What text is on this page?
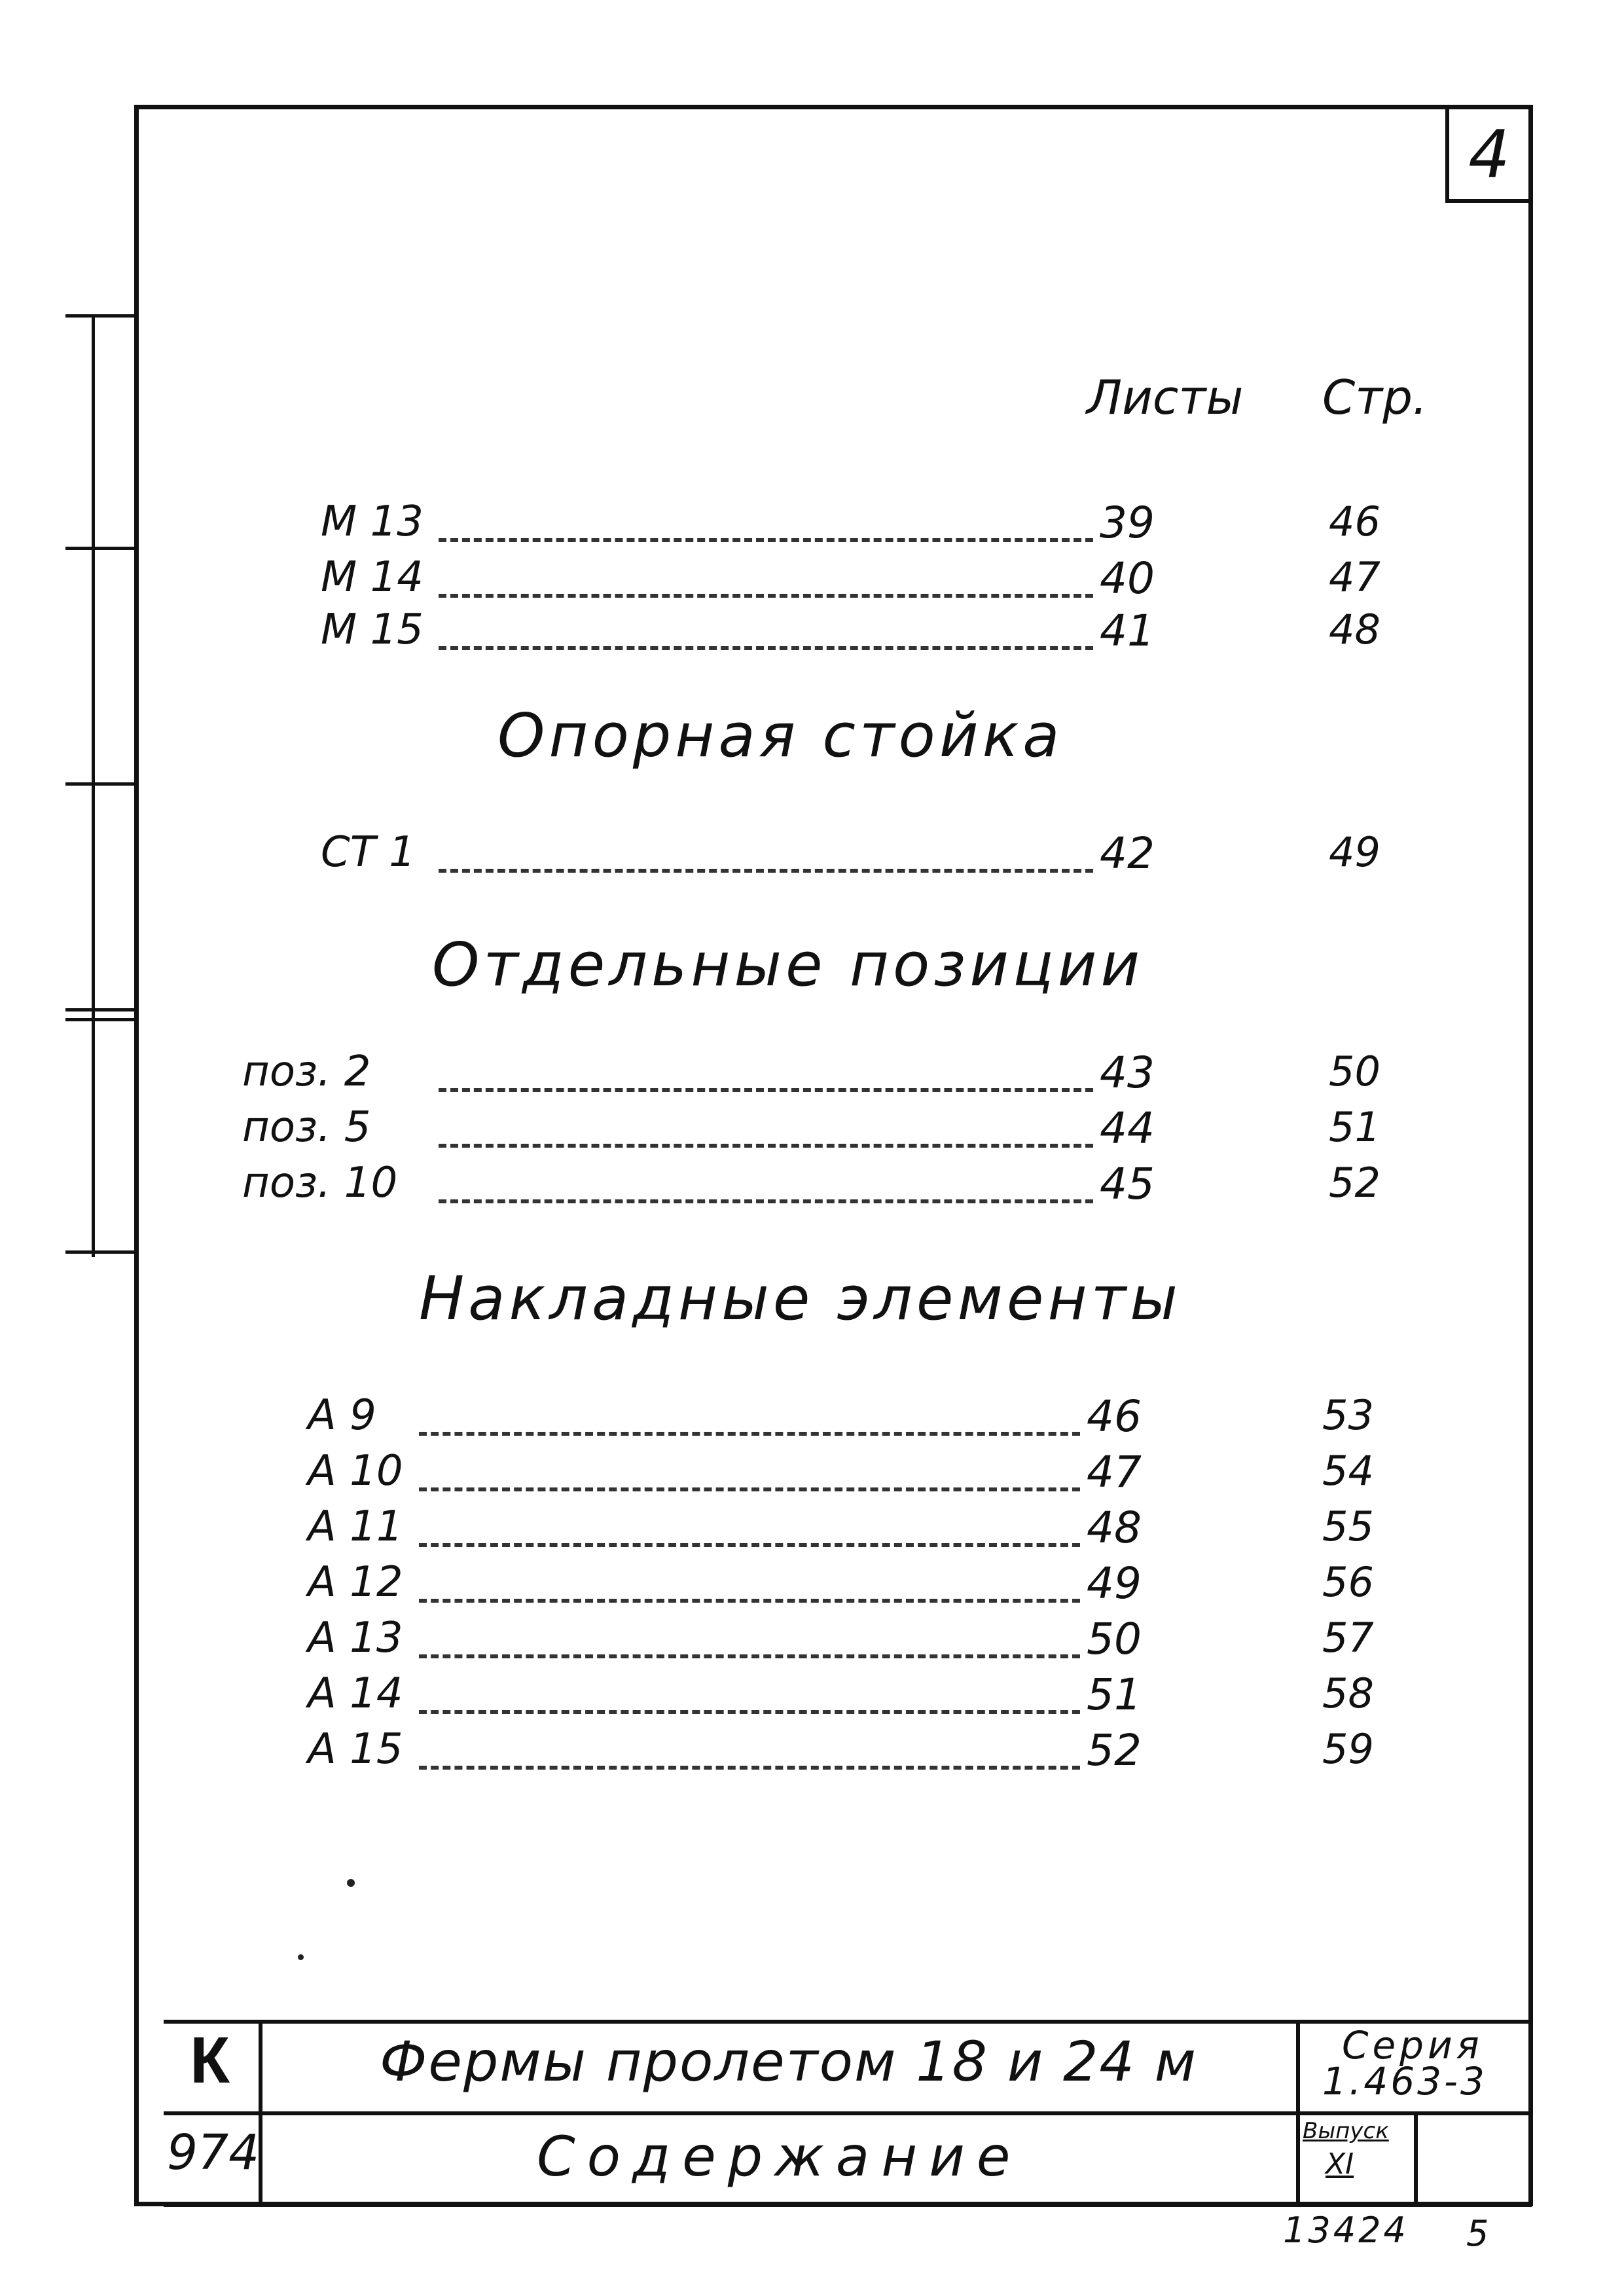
4
Листы Стр.
М 13	39	46
М 14	40	47
М 15	41	48
Опорная стойка
СТ 1	42	49
Отдельные позиции
поз. 2	43	50
поз. 5	44	51
поз. 10	45	52
Накладные элементы
А 9	46	53
А 10	47	54
А 11	48	55
А 12	49	56
А 13	50	57
А 14	51	58
А 15	52	59
К
974
Фермы пролетом 18 и 24 м
Содержание
Серия
1.463-3
Выпуск
XI
13424 5
